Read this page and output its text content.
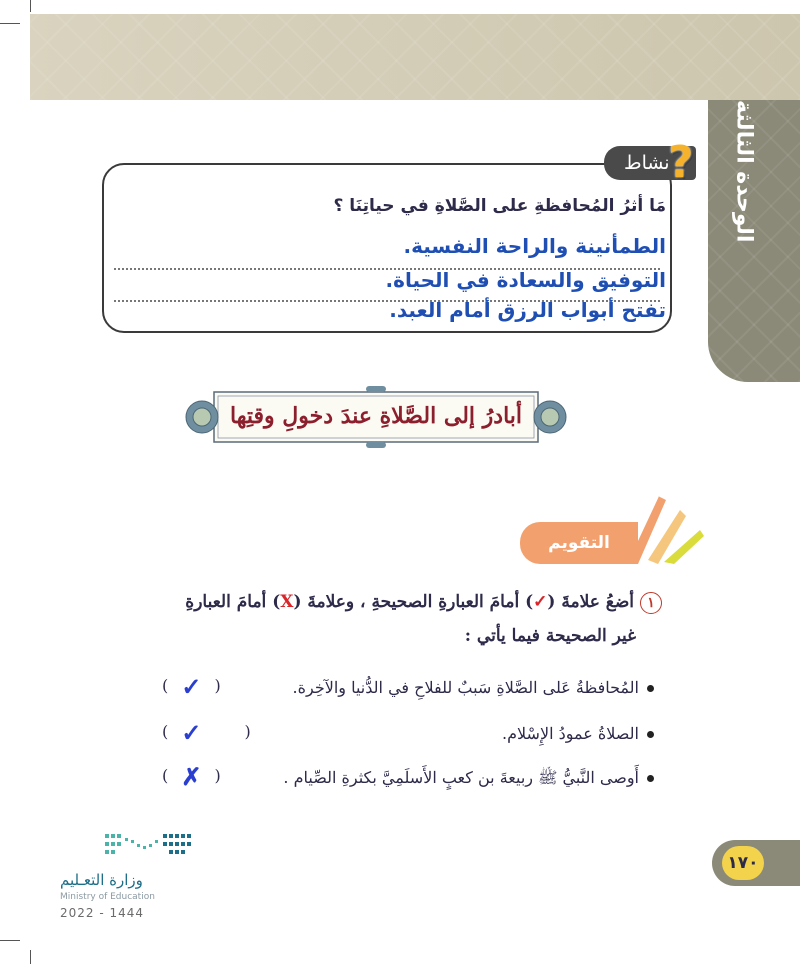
الوحدة الثالثة
نشاط
?
مَا أثرُ المُحافظةِ على الصَّلاةِ في حياتِنَا ؟
الطمأنينة والراحة النفسية.
التوفيق والسعادة في الحياة.
تفتح أبواب الرزق أمام العبد.
أبادرُ إلى الصَّلاةِ عندَ دخولِ وقتِها
التقويم
١أضعُ علامةَ (✓) أمامَ العبارةِ الصحيحةِ ، وعلامةَ (X) أمامَ العبارةِ
غير الصحيحة فيما يأتي :
المُحافظةُ عَلى الصَّلاةِ سَببٌ للفلاحِ في الدُّنيا والآخِرة.
( ✓ )
الصلاةُ عمودُ الإِسْلام.
( ✓	)
أَوصى النَّبيُّ ﷺ ربيعةَ بن كعبٍ الأَسلَمِيَّ بكثرةِ الصِّيام .
( ✗ )
١٧٠
وزارة التعـليم
Ministry of Education
2022 - 1444
